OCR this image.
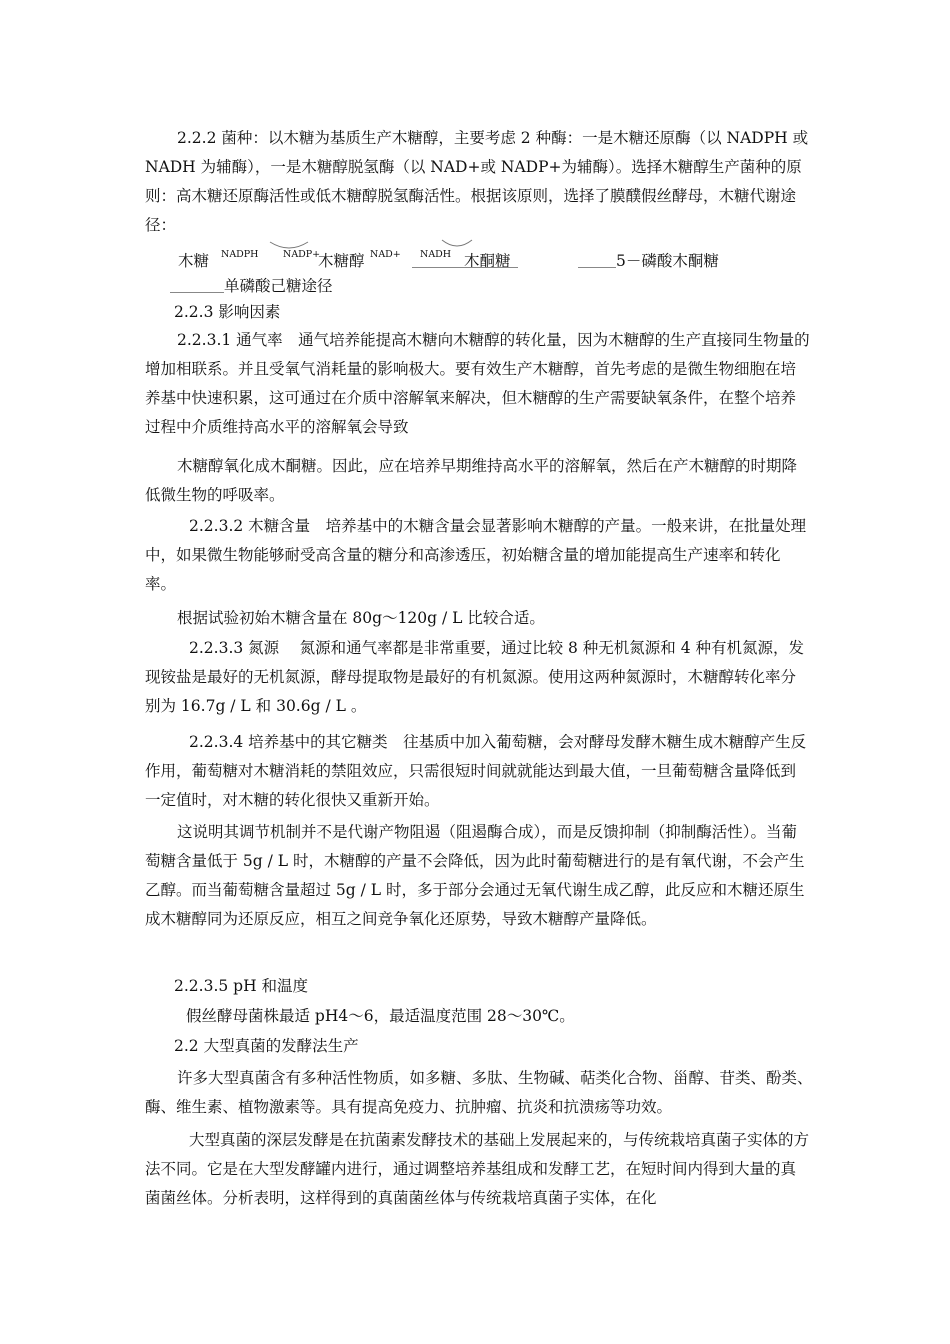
2.2.2 菌种：以木糖为基质生产木糖醇，主要考虑 2 种酶：一是木糖还原酶（以 NADPH 或 NADH 为辅酶），一是木糖醇脱氢酶（以 NAD+或 NADP+为辅酶）。选择木糖醇生产菌种的原则：高木糖还原酶活性或低木糖醇脱氢酶活性。根据该原则，选择了膜醭假丝酵母，木糖代谢途径：

木糖 NADPH	NADP+
木糖醇 NAD+ NADH 木酮糖	5－磷酸木酮糖
单磷酸己糖途径

2.2.3 影响因素

2.2.3.1 通气率　通气培养能提高木糖向木糖醇的转化量，因为木糖醇的生产直接同生物量的增加相联系。并且受氧气消耗量的影响极大。要有效生产木糖醇，首先考虑的是微生物细胞在培养基中快速积累，这可通过在介质中溶解氧来解决，但木糖醇的生产需要缺氧条件，在整个培养过程中介质维持高水平的溶解氧会导致

木糖醇氧化成木酮糖。因此，应在培养早期维持高水平的溶解氧，然后在产木糖醇的时期降低微生物的呼吸率。

2.2.3.2 木糖含量　培养基中的木糖含量会显著影响木糖醇的产量。一般来讲，在批量处理中，如果微生物能够耐受高含量的糖分和高渗透压，初始糖含量的增加能提高生产速率和转化率。

根据试验初始木糖含量在 80g～120g / L 比较合适。

2.2.3.3 氮源　 氮源和通气率都是非常重要，通过比较 8 种无机氮源和 4 种有机氮源，发现铵盐是最好的无机氮源，酵母提取物是最好的有机氮源。使用这两种氮源时，木糖醇转化率分别为 16.7g / L 和 30.6g / L 。

2.2.3.4 培养基中的其它糖类　往基质中加入葡萄糖，会对酵母发酵木糖生成木糖醇产生反作用，葡萄糖对木糖消耗的禁阻效应，只需很短时间就就能达到最大值，一旦葡萄糖含量降低到一定值时，对木糖的转化很快又重新开始。

这说明其调节机制并不是代谢产物阻遏（阻遏酶合成），而是反馈抑制（抑制酶活性）。当葡萄糖含量低于 5g / L 时，木糖醇的产量不会降低，因为此时葡萄糖进行的是有氧代谢，不会产生乙醇。而当葡萄糖含量超过 5g / L 时，多于部分会通过无氧代谢生成乙醇，此反应和木糖还原生成木糖醇同为还原反应，相互之间竞争氧化还原势，导致木糖醇产量降低。

2.2.3.5 pH 和温度

假丝酵母菌株最适 pH4～6，最适温度范围 28～30℃。

2.2 大型真菌的发酵法生产

许多大型真菌含有多种活性物质，如多糖、多肽、生物碱、萜类化合物、甾醇、苷类、酚类、酶、维生素、植物激素等。具有提高免疫力、抗肿瘤、抗炎和抗溃疡等功效。

大型真菌的深层发酵是在抗菌素发酵技术的基础上发展起来的，与传统栽培真菌子实体的方法不同。它是在大型发酵罐内进行，通过调整培养基组成和发酵工艺，在短时间内得到大量的真菌菌丝体。分析表明，这样得到的真菌菌丝体与传统栽培真菌子实体，在化
